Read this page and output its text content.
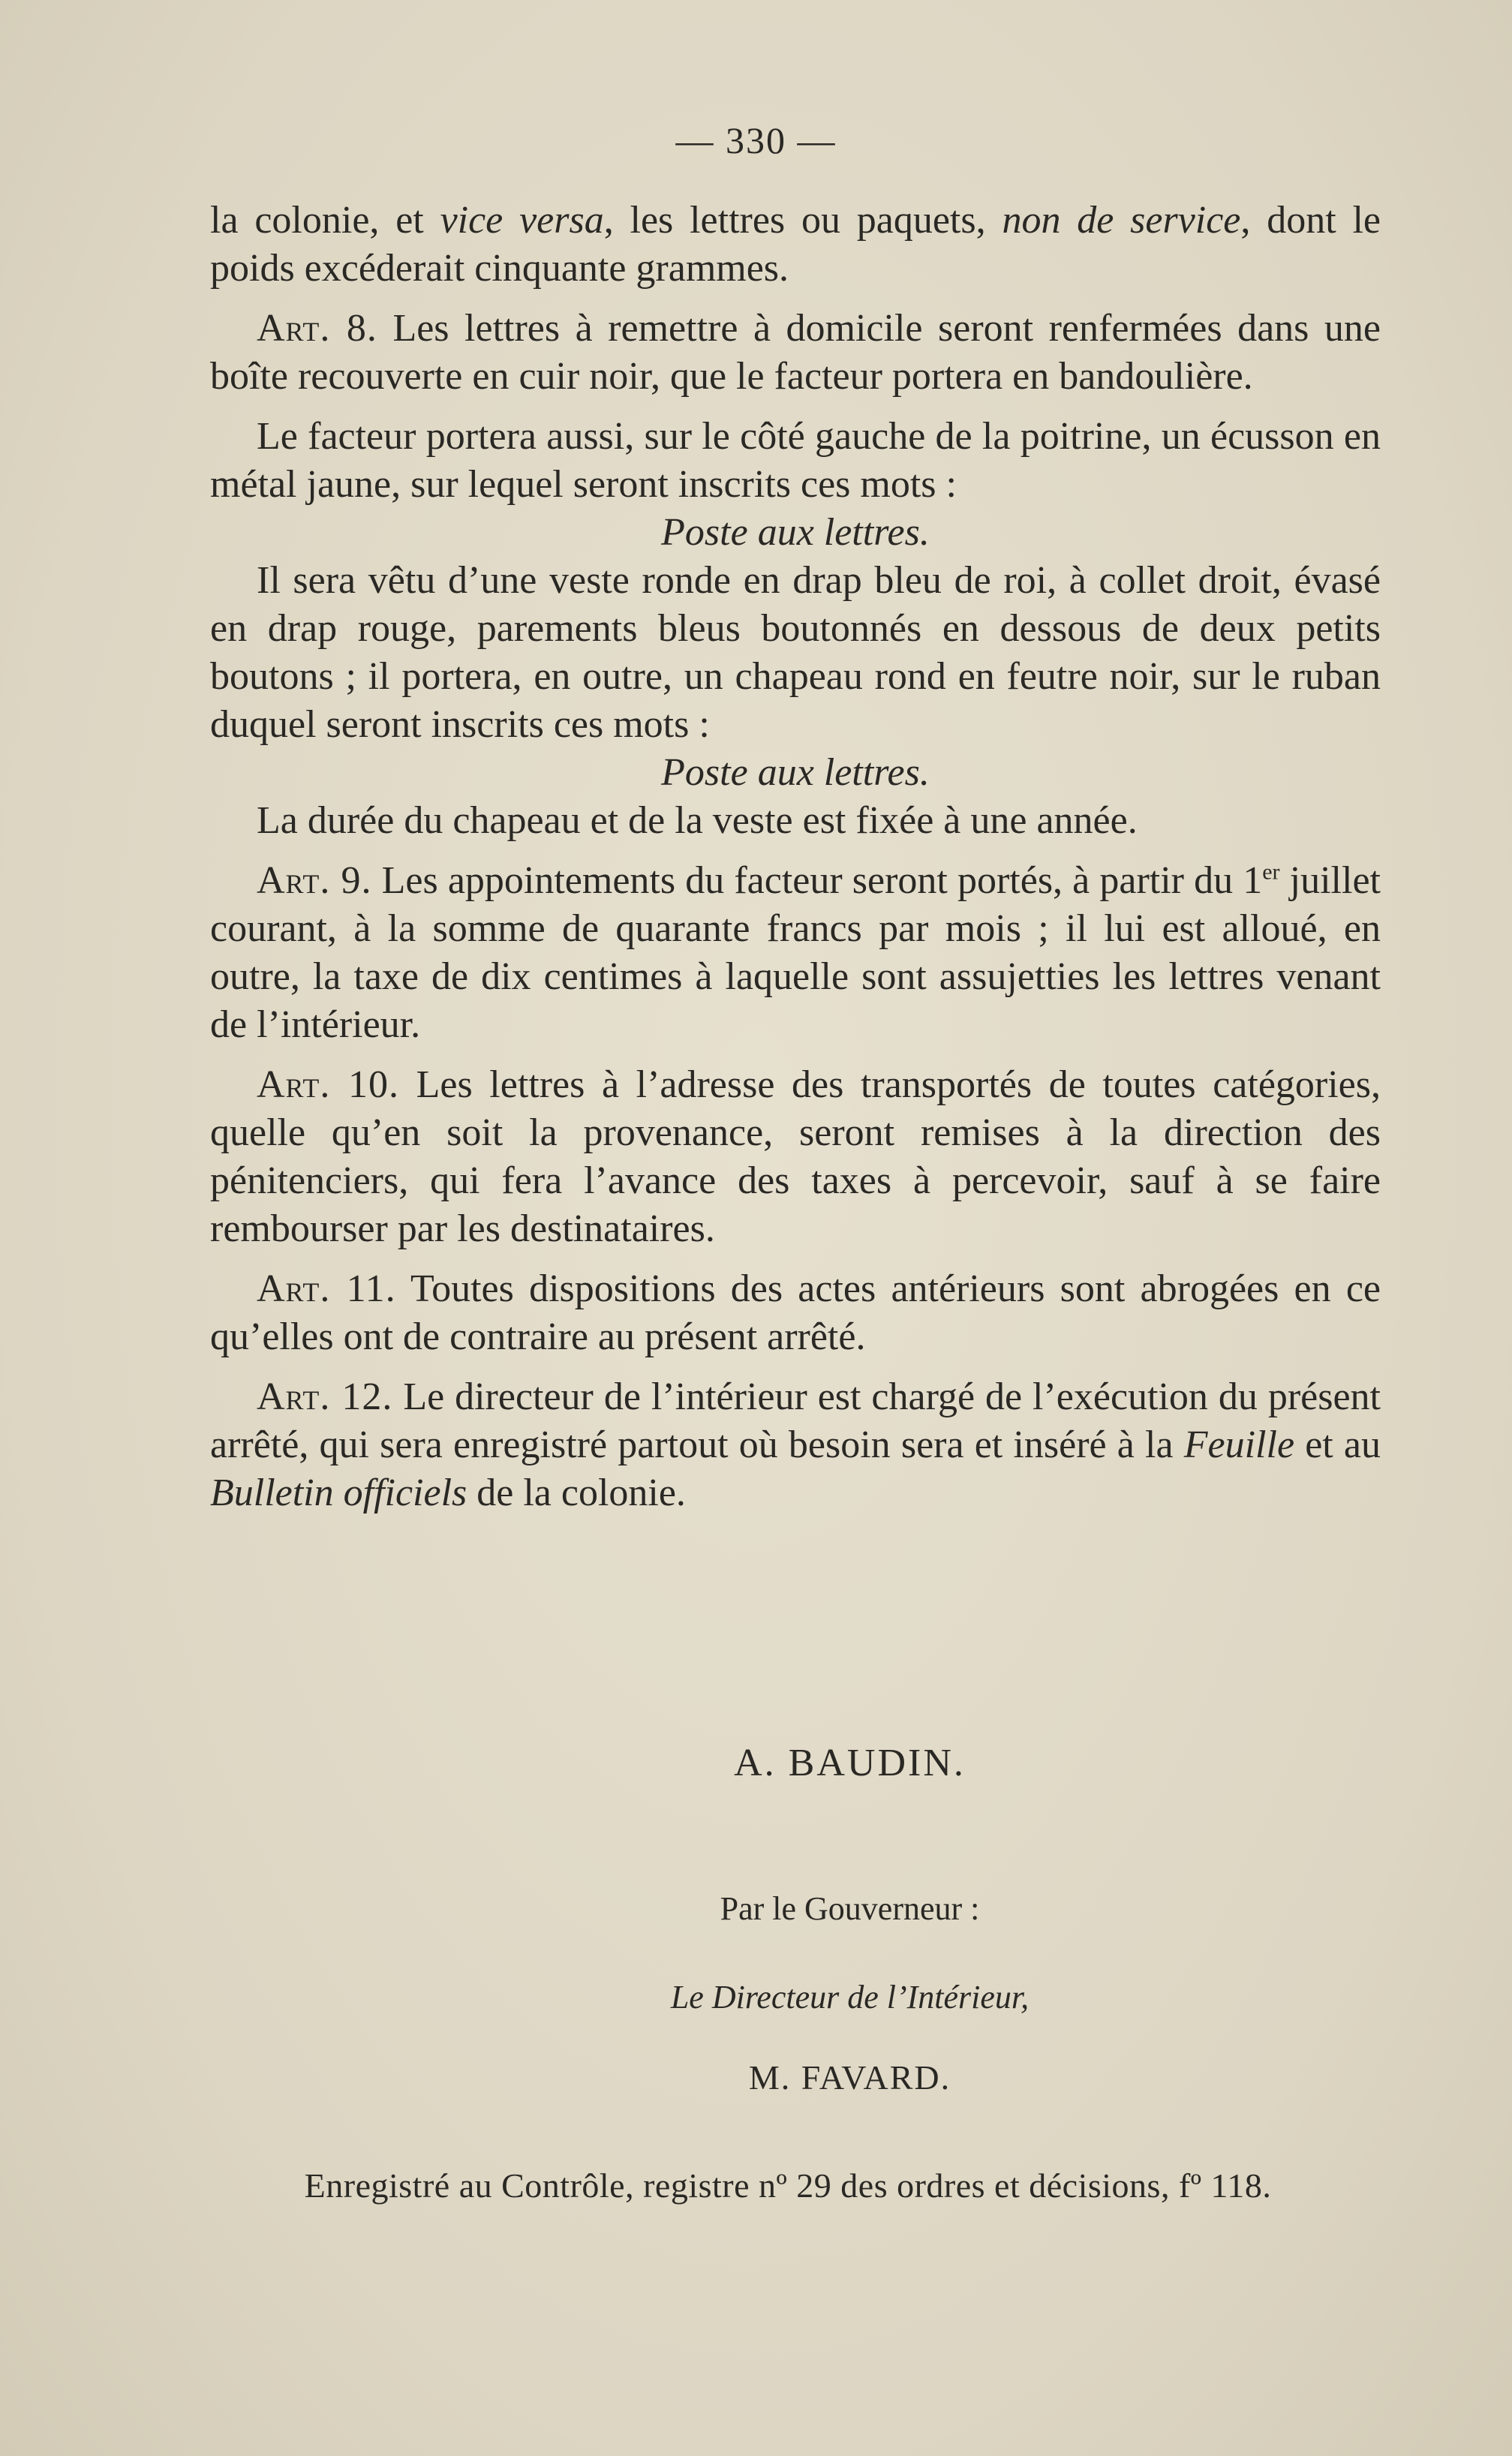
— 330 —

la colonie, et vice versa, les lettres ou paquets, non de service, dont le poids excéderait cinquante grammes.

Art. 8. Les lettres à remettre à domicile seront renfermées dans une boîte recouverte en cuir noir, que le facteur portera en bandoulière.

Le facteur portera aussi, sur le côté gauche de la poitrine, un écusson en métal jaune, sur lequel seront inscrits ces mots :

Poste aux lettres.

Il sera vêtu d’une veste ronde en drap bleu de roi, à collet droit, évasé en drap rouge, parements bleus boutonnés en dessous de deux petits boutons ; il portera, en outre, un chapeau rond en feutre noir, sur le ruban duquel seront inscrits ces mots :

Poste aux lettres.

La durée du chapeau et de la veste est fixée à une année.

Art. 9. Les appointements du facteur seront portés, à partir du 1er juillet courant, à la somme de quarante francs par mois ; il lui est alloué, en outre, la taxe de dix centimes à laquelle sont assujetties les lettres venant de l’intérieur.

Art. 10. Les lettres à l’adresse des transportés de toutes catégories, quelle qu’en soit la provenance, seront remises à la direction des pénitenciers, qui fera l’avance des taxes à percevoir, sauf à se faire rembourser par les destinataires.

Art. 11. Toutes dispositions des actes antérieurs sont abrogées en ce qu’elles ont de contraire au présent arrêté.

Art. 12. Le directeur de l’intérieur est chargé de l’exécution du présent arrêté, qui sera enregistré partout où besoin sera et inséré à la Feuille et au Bulletin officiels de la colonie.

A. BAUDIN.
Par le Gouverneur :
Le Directeur de l’Intérieur,
M. FAVARD.
Enregistré au Contrôle, registre nº 29 des ordres et décisions, fº 118.
